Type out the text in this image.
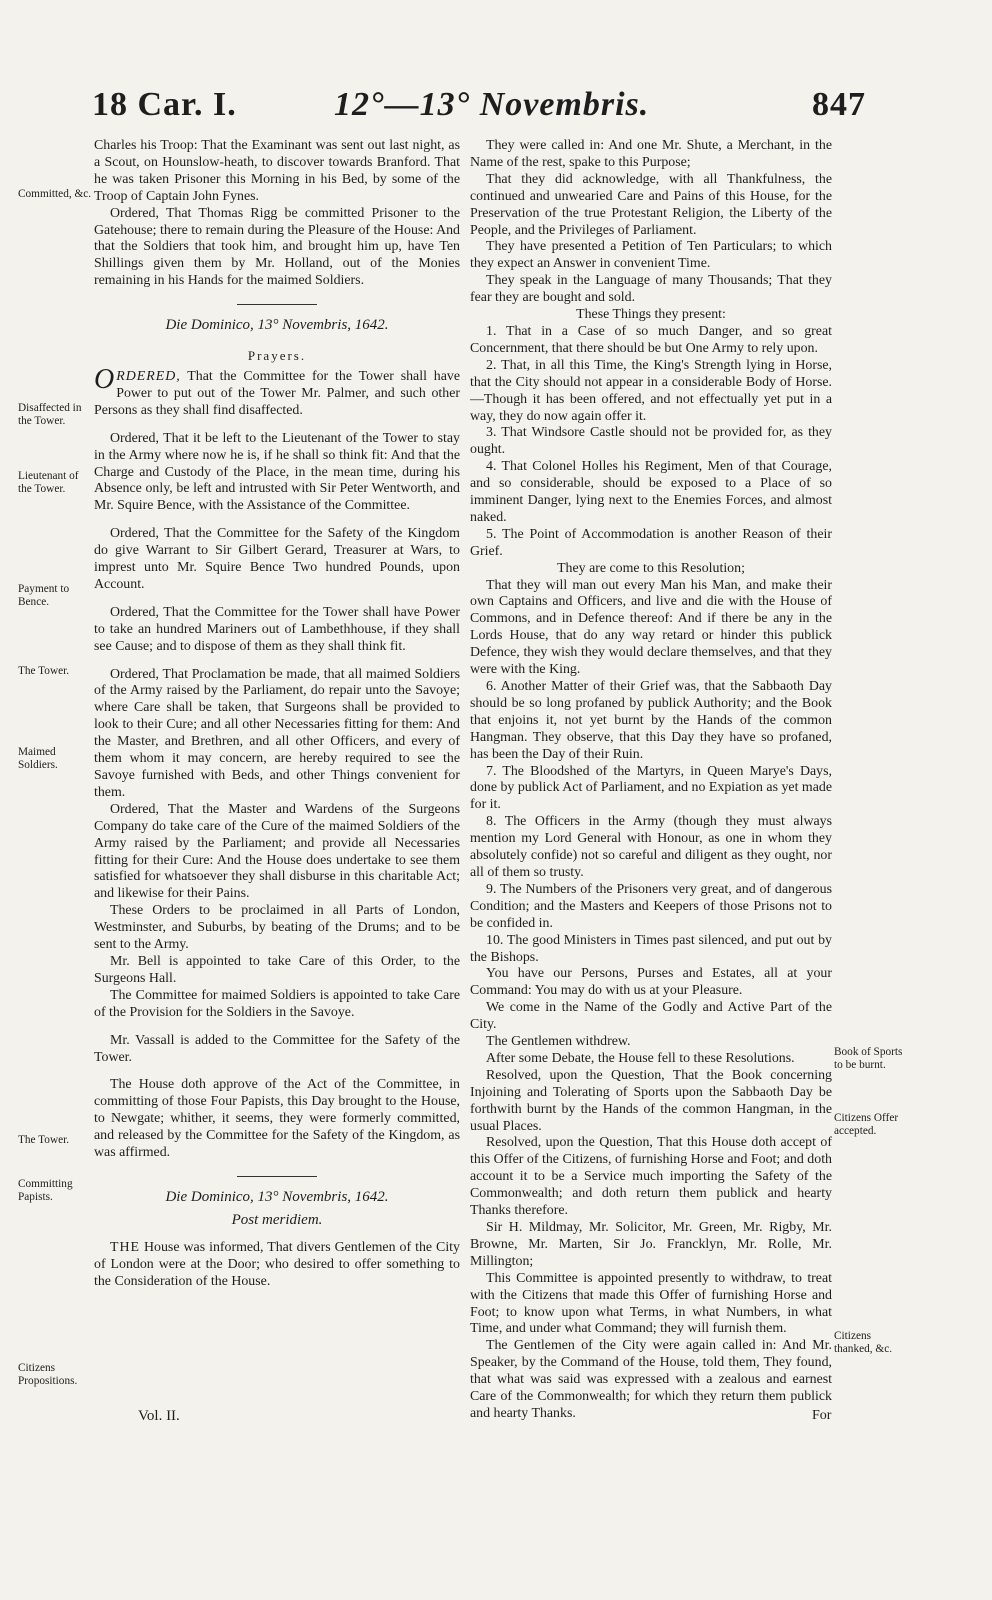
18 Car. I.	12°—13° Novembris.	847

Charles his Troop: That the Examinant was sent out last night, as a Scout, on Hounslow-heath, to discover towards Branford. That he was taken Prisoner this Morning in his Bed, by some of the Troop of Captain John Fynes.

Ordered, That Thomas Rigg be committed Prisoner to the Gatehouse; there to remain during the Pleasure of the House: And that the Soldiers that took him, and brought him up, have Ten Shillings given them by Mr. Holland, out of the Monies remaining in his Hands for the maimed Soldiers.

Die Dominico, 13° Novembris, 1642.
Prayers.

ORDERED, That the Committee for the Tower shall have Power to put out of the Tower Mr. Palmer, and such other Persons as they shall find disaffected.

Ordered, That it be left to the Lieutenant of the Tower to stay in the Army where now he is, if he shall so think fit: And that the Charge and Custody of the Place, in the mean time, during his Absence only, be left and intrusted with Sir Peter Wentworth, and Mr. Squire Bence, with the Assistance of the Committee.

Ordered, That the Committee for the Safety of the Kingdom do give Warrant to Sir Gilbert Gerard, Treasurer at Wars, to imprest unto Mr. Squire Bence Two hundred Pounds, upon Account.

Ordered, That the Committee for the Tower shall have Power to take an hundred Mariners out of Lambethhouse, if they shall see Cause; and to dispose of them as they shall think fit.

Ordered, That Proclamation be made, that all maimed Soldiers of the Army raised by the Parliament, do repair unto the Savoye; where Care shall be taken, that Surgeons shall be provided to look to their Cure; and all other Necessaries fitting for them: And the Master, and Brethren, and all other Officers, and every of them whom it may concern, are hereby required to see the Savoye furnished with Beds, and other Things convenient for them.

Ordered, That the Master and Wardens of the Surgeons Company do take care of the Cure of the maimed Soldiers of the Army raised by the Parliament; and provide all Necessaries fitting for their Cure: And the House does undertake to see them satisfied for whatsoever they shall disburse in this charitable Act; and likewise for their Pains.

These Orders to be proclaimed in all Parts of London, Westminster, and Suburbs, by beating of the Drums; and to be sent to the Army.

Mr. Bell is appointed to take Care of this Order, to the Surgeons Hall.

The Committee for maimed Soldiers is appointed to take Care of the Provision for the Soldiers in the Savoye.

Mr. Vassall is added to the Committee for the Safety of the Tower.

The House doth approve of the Act of the Committee, in committing of those Four Papists, this Day brought to the House, to Newgate; whither, it seems, they were formerly committed, and released by the Committee for the Safety of the Kingdom, as was affirmed.

Die Dominico, 13° Novembris, 1642.
Post meridiem.

THE House was informed, That divers Gentlemen of the City of London were at the Door; who desired to offer something to the Consideration of the House.

They were called in: And one Mr. Shute, a Merchant, in the Name of the rest, spake to this Purpose;

That they did acknowledge, with all Thankfulness, the continued and unwearied Care and Pains of this House, for the Preservation of the true Protestant Religion, the Liberty of the People, and the Privileges of Parliament.

They have presented a Petition of Ten Particulars; to which they expect an Answer in convenient Time.

They speak in the Language of many Thousands; That they fear they are bought and sold.

These Things they present:

1. That in a Case of so much Danger, and so great Concernment, that there should be but One Army to rely upon.

2. That, in all this Time, the King's Strength lying in Horse, that the City should not appear in a considerable Body of Horse.—Though it has been offered, and not effectually yet put in a way, they do now again offer it.

3. That Windsore Castle should not be provided for, as they ought.

4. That Colonel Holles his Regiment, Men of that Courage, and so considerable, should be exposed to a Place of so imminent Danger, lying next to the Enemies Forces, and almost naked.

5. The Point of Accommodation is another Reason of their Grief.

They are come to this Resolution;

That they will man out every Man his Man, and make their own Captains and Officers, and live and die with the House of Commons, and in Defence thereof: And if there be any in the Lords House, that do any way retard or hinder this publick Defence, they wish they would declare themselves, and that they were with the King.

6. Another Matter of their Grief was, that the Sabbaoth Day should be so long profaned by publick Authority; and the Book that enjoins it, not yet burnt by the Hands of the common Hangman. They observe, that this Day they have so profaned, has been the Day of their Ruin.

7. The Bloodshed of the Martyrs, in Queen Marye's Days, done by publick Act of Parliament, and no Expiation as yet made for it.

8. The Officers in the Army (though they must always mention my Lord General with Honour, as one in whom they absolutely confide) not so careful and diligent as they ought, nor all of them so trusty.

9. The Numbers of the Prisoners very great, and of dangerous Condition; and the Masters and Keepers of those Prisons not to be confided in.

10. The good Ministers in Times past silenced, and put out by the Bishops.

You have our Persons, Purses and Estates, all at your Command: You may do with us at your Pleasure.

We come in the Name of the Godly and Active Part of the City.

The Gentlemen withdrew.

After some Debate, the House fell to these Resolutions.

Resolved, upon the Question, That the Book concerning Injoining and Tolerating of Sports upon the Sabbaoth Day be forthwith burnt by the Hands of the common Hangman, in the usual Places.

Resolved, upon the Question, That this House doth accept of this Offer of the Citizens, of furnishing Horse and Foot; and doth account it to be a Service much importing the Safety of the Commonwealth; and doth return them publick and hearty Thanks therefore.

Sir H. Mildmay, Mr. Solicitor, Mr. Green, Mr. Rigby, Mr. Browne, Mr. Marten, Sir Jo. Francklyn, Mr. Rolle, Mr. Millington;

This Committee is appointed presently to withdraw, to treat with the Citizens that made this Offer of furnishing Horse and Foot; to know upon what Terms, in what Numbers, in what Time, and under what Command; they will furnish them.

The Gentlemen of the City were again called in: And Mr. Speaker, by the Command of the House, told them, They found, that what was said was expressed with a zealous and earnest Care of the Commonwealth; for which they return them publick and hearty Thanks.

Committed, &c.
Disaffected in the Tower.
Lieutenant of the Tower.
Payment to Bence.
The Tower.
Maimed Soldiers.
The Tower.
Committing Papists.
Citizens Propositions.
Book of Sports to be burnt.
Citizens Offer accepted.
Citizens thanked, &c.
Vol. II.	For
